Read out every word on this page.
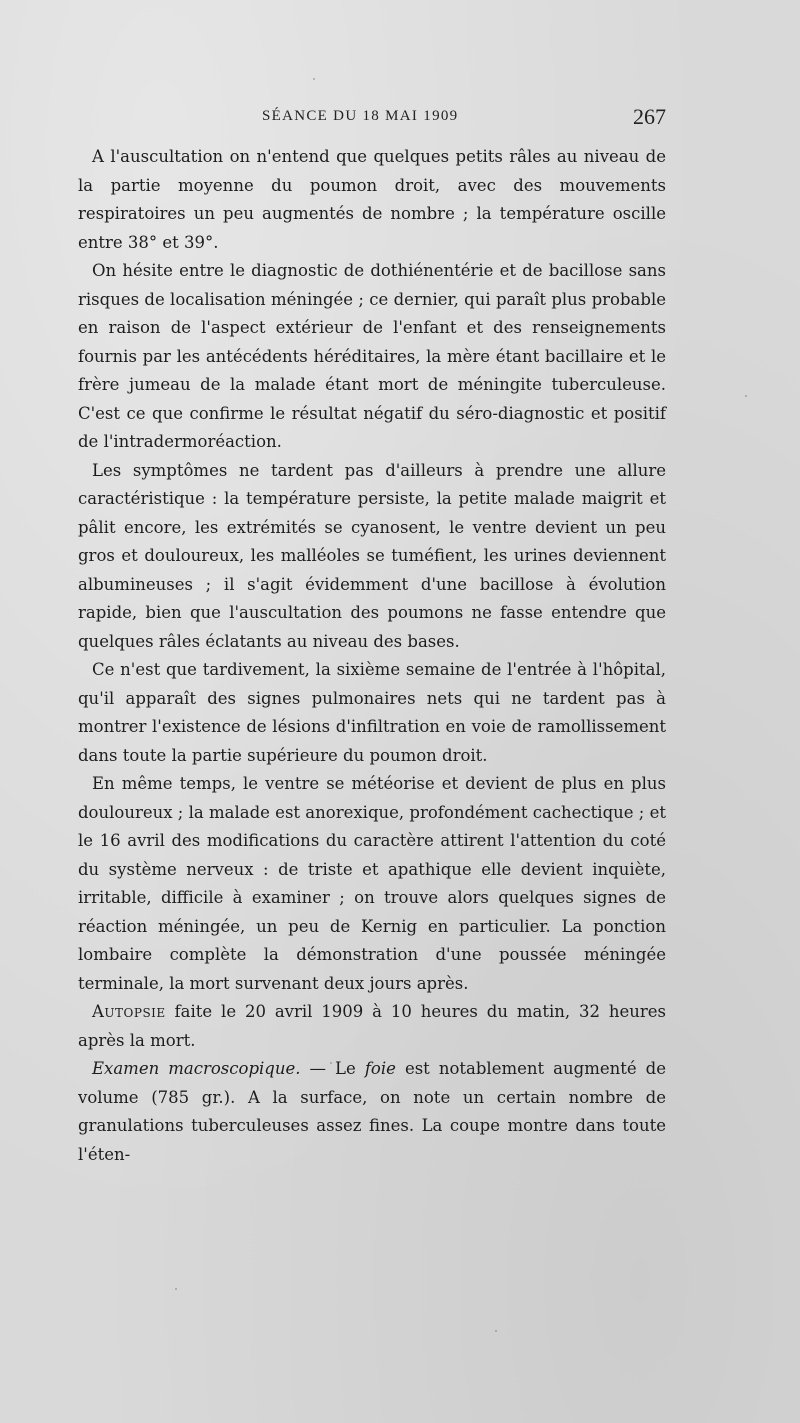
SÉANCE DU 18 MAI 1909	267

A l'auscultation on n'entend que quelques petits râles au niveau de la partie moyenne du poumon droit, avec des mouvements respiratoires un peu augmentés de nombre ; la température oscille entre 38° et 39°.

On hésite entre le diagnostic de dothiénentérie et de bacillose sans risques de localisation méningée ; ce dernier, qui paraît plus probable en raison de l'aspect extérieur de l'enfant et des renseignements fournis par les antécédents héréditaires, la mère étant bacillaire et le frère jumeau de la malade étant mort de méningite tuberculeuse. C'est ce que confirme le résultat négatif du séro-diagnostic et positif de l'intradermoréaction.

Les symptômes ne tardent pas d'ailleurs à prendre une allure caractéristique : la température persiste, la petite malade maigrit et pâlit encore, les extrémités se cyanosent, le ventre devient un peu gros et douloureux, les malléoles se tuméfient, les urines deviennent albumineuses ; il s'agit évidemment d'une bacillose à évolution rapide, bien que l'auscultation des poumons ne fasse entendre que quelques râles éclatants au niveau des bases.

Ce n'est que tardivement, la sixième semaine de l'entrée à l'hôpital, qu'il apparaît des signes pulmonaires nets qui ne tardent pas à montrer l'existence de lésions d'infiltration en voie de ramollissement dans toute la partie supérieure du poumon droit.

En même temps, le ventre se météorise et devient de plus en plus douloureux ; la malade est anorexique, profondément cachectique ; et le 16 avril des modifications du caractère attirent l'attention du coté du système nerveux : de triste et apathique elle devient inquiète, irritable, difficile à examiner ; on trouve alors quelques signes de réaction méningée, un peu de Kernig en particulier. La ponction lombaire complète la démonstration d'une poussée méningée terminale, la mort survenant deux jours après.

Autopsie faite le 20 avril 1909 à 10 heures du matin, 32 heures après la mort.

Examen macroscopique. — Le foie est notablement augmenté de volume (785 gr.). A la surface, on note un certain nombre de granulations tuberculeuses assez fines. La coupe montre dans toute l'éten-
